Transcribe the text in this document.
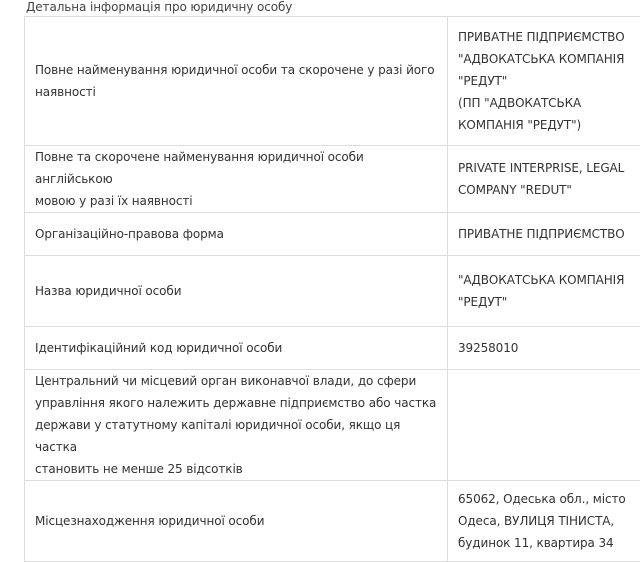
Детальна інформація про юридичну особу
Повне найменування юридичної особи та скорочене у разі його
наявності	ПРИВАТНЕ ПІДПРИЄМСТВО
"АДВОКАТСЬКА КОМПАНІЯ
"РЕДУТ"
(ПП "АДВОКАТСЬКА
КОМПАНІЯ "РЕДУТ")
Повне та скорочене найменування юридичної особи англійською
мовою у разі їх наявності	PRIVATE INTERPRISE, LEGAL
COMPANY "REDUT"
Організаційно-правова форма	ПРИВАТНЕ ПІДПРИЄМСТВО
Назва юридичної особи	"АДВОКАТСЬКА КОМПАНІЯ
"РЕДУТ"
Ідентифікаційний код юридичної особи	39258010
Центральний чи місцевий орган виконавчої влади, до сфери
управління якого належить державне підприємство або частка
держави у статутному капіталі юридичної особи, якщо ця частка
становить не менше 25 відсотків	
Місцезнаходження юридичної особи	65062, Одеська обл., місто
Одеса, ВУЛИЦЯ ТІНИСТА,
будинок 11, квартира 34
